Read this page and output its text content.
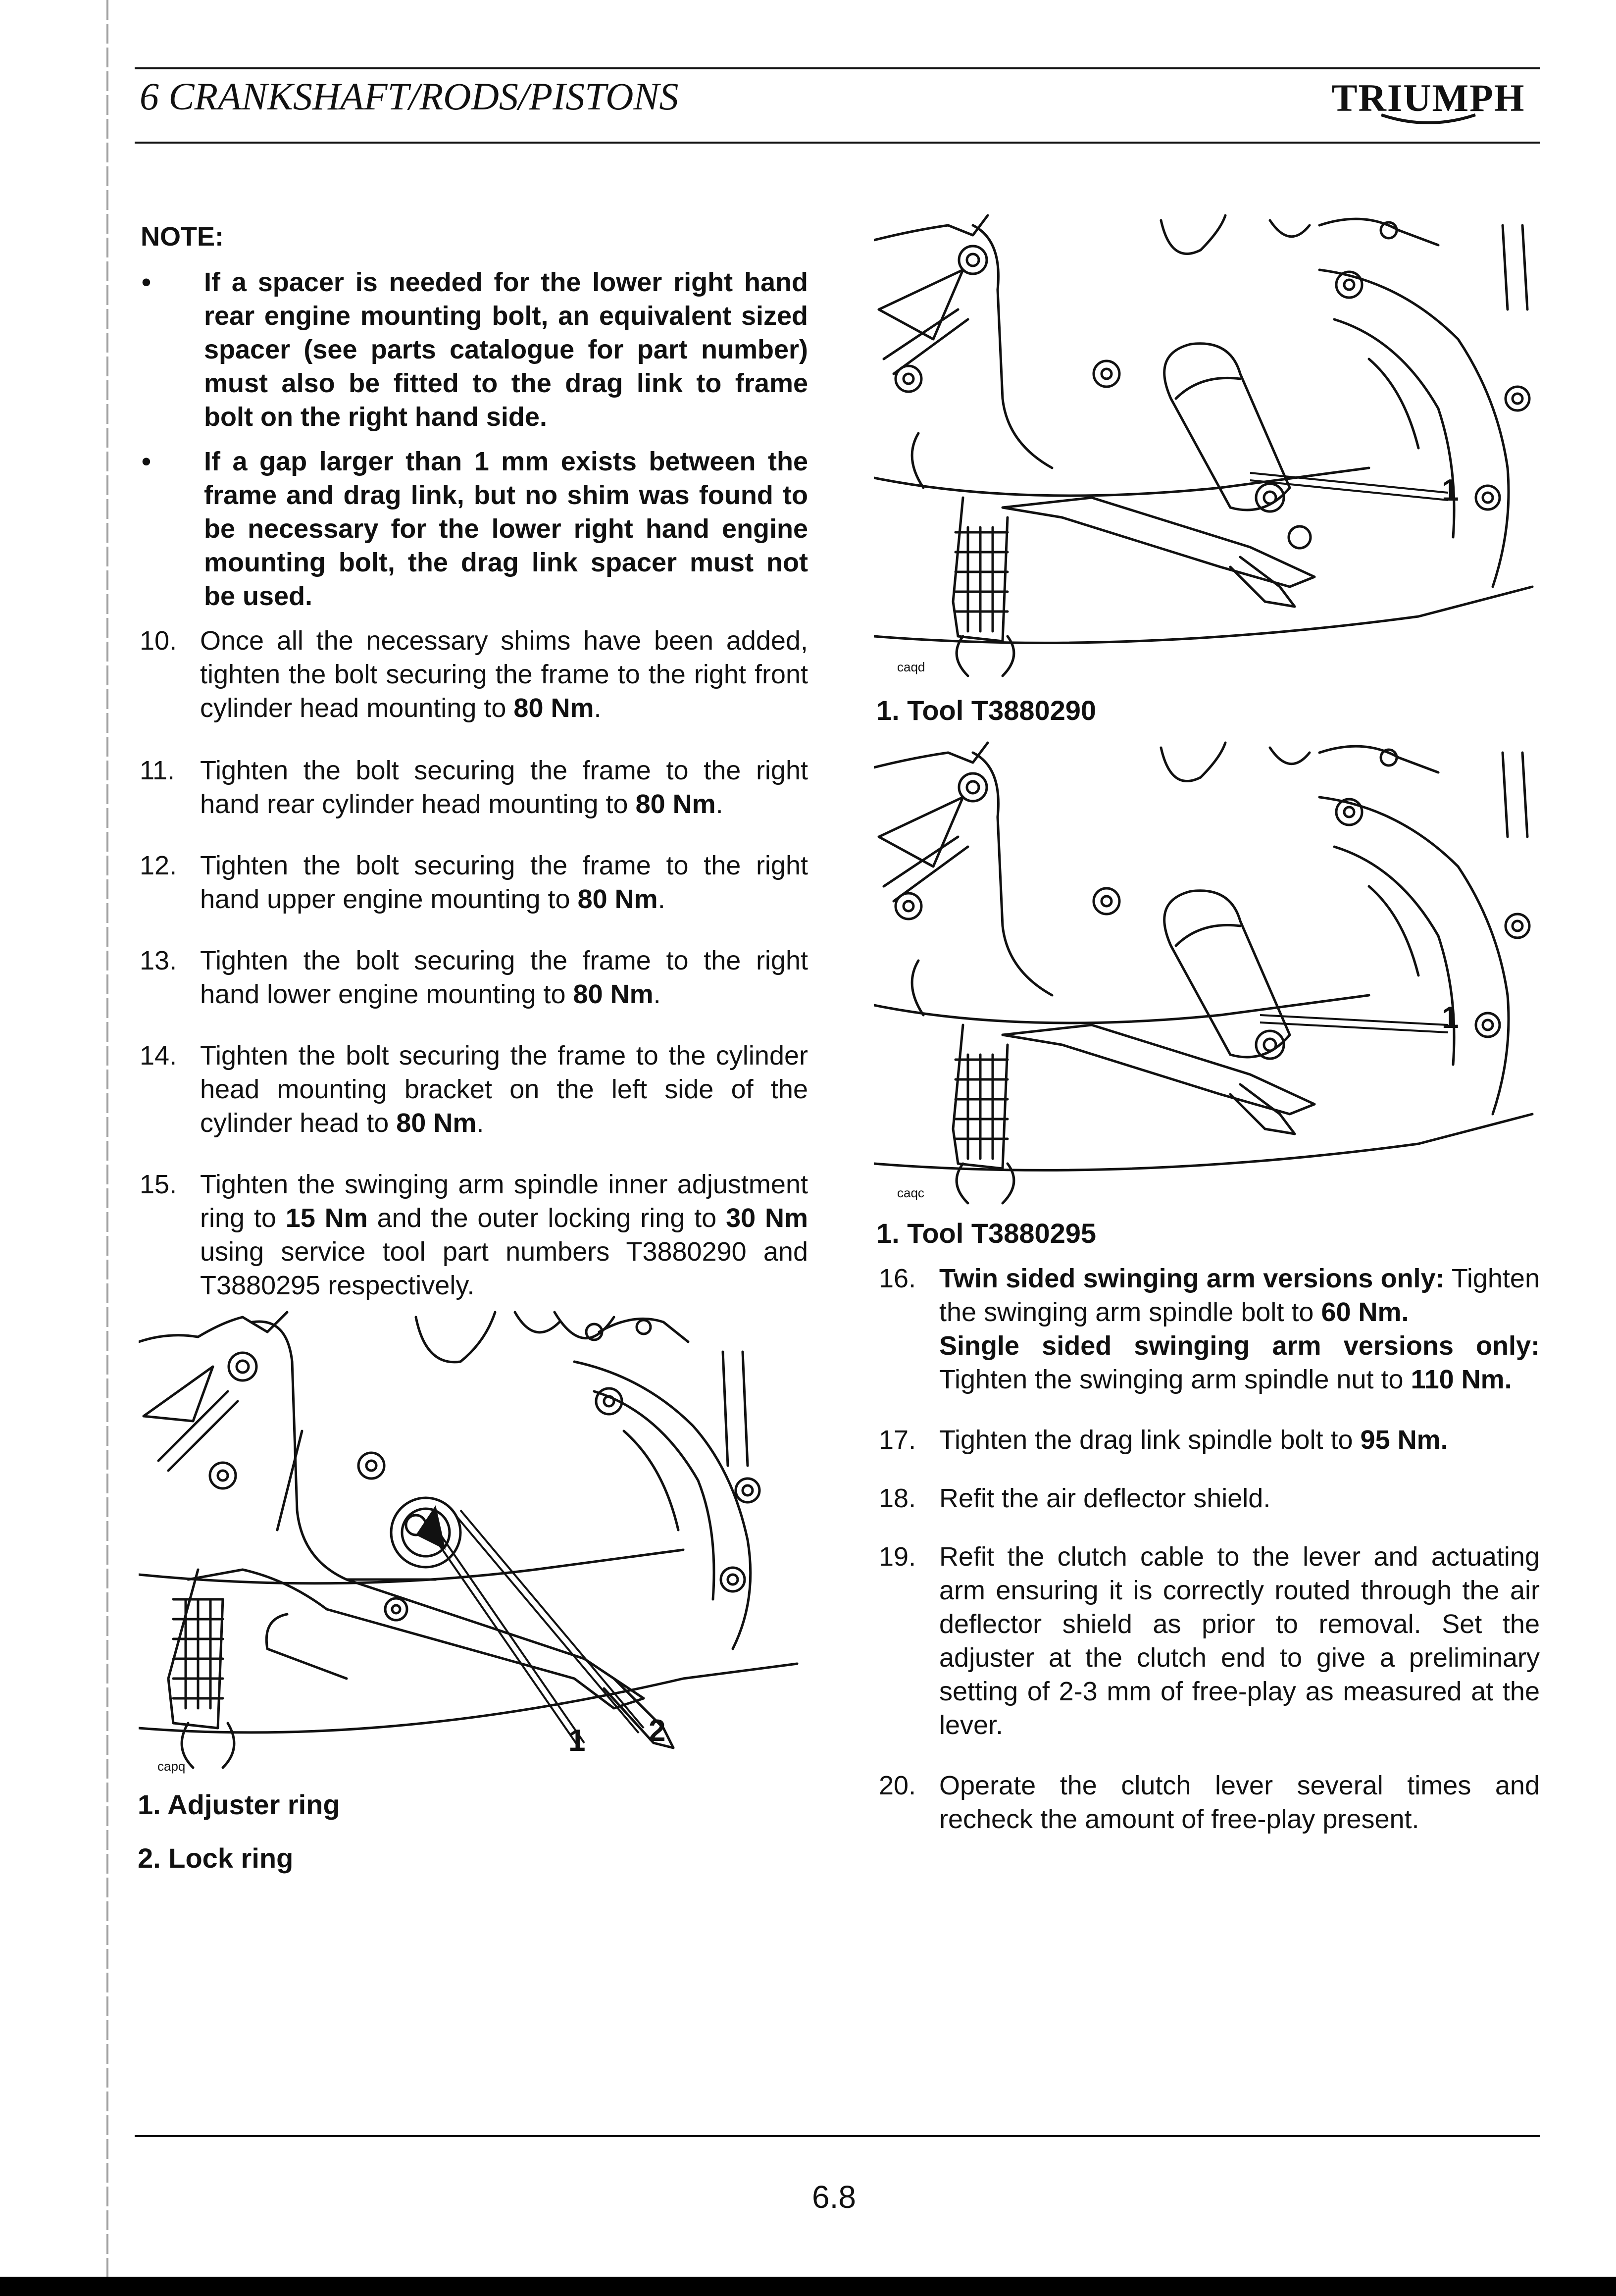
6 CRANKSHAFT/RODS/PISTONS	TRIUMPH
NOTE:
• If a spacer is needed for the lower right hand rear engine mounting bolt, an equivalent sized spacer (see parts catalogue for part number) must also be fitted to the drag link to frame bolt on the right hand side.
• If a gap larger than 1 mm exists between the frame and drag link, but no shim was found to be necessary for the lower right hand engine mounting bolt, the drag link spacer must not be used.
10. Once all the necessary shims have been added, tighten the bolt securing the frame to the right front cylinder head mounting to 80 Nm.
11. Tighten the bolt securing the frame to the right hand rear cylinder head mounting to 80 Nm.
12. Tighten the bolt securing the frame to the right hand upper engine mounting to 80 Nm.
13. Tighten the bolt securing the frame to the right hand lower engine mounting to 80 Nm.
14. Tighten the bolt securing the frame to the cylinder head mounting bracket on the left side of the cylinder head to 80 Nm.
15. Tighten the swinging arm spindle inner adjustment ring to 15 Nm and the outer locking ring to 30 Nm using service tool part numbers T3880290 and T3880295 respectively.
1 2
capq
1. Adjuster ring
2. Lock ring
1
caqd
1. Tool T3880290
1
caqc
1. Tool T3880295
16. Twin sided swinging arm versions only: Tighten the swinging arm spindle bolt to 60 Nm.
Single sided swinging arm versions only: Tighten the swinging arm spindle nut to 110 Nm.
17. Tighten the drag link spindle bolt to 95 Nm.
18. Refit the air deflector shield.
19. Refit the clutch cable to the lever and actuating arm ensuring it is correctly routed through the air deflector shield as prior to removal. Set the adjuster at the clutch end to give a preliminary setting of 2-3 mm of free-play as measured at the lever.
20. Operate the clutch lever several times and recheck the amount of free-play present.
6.8
